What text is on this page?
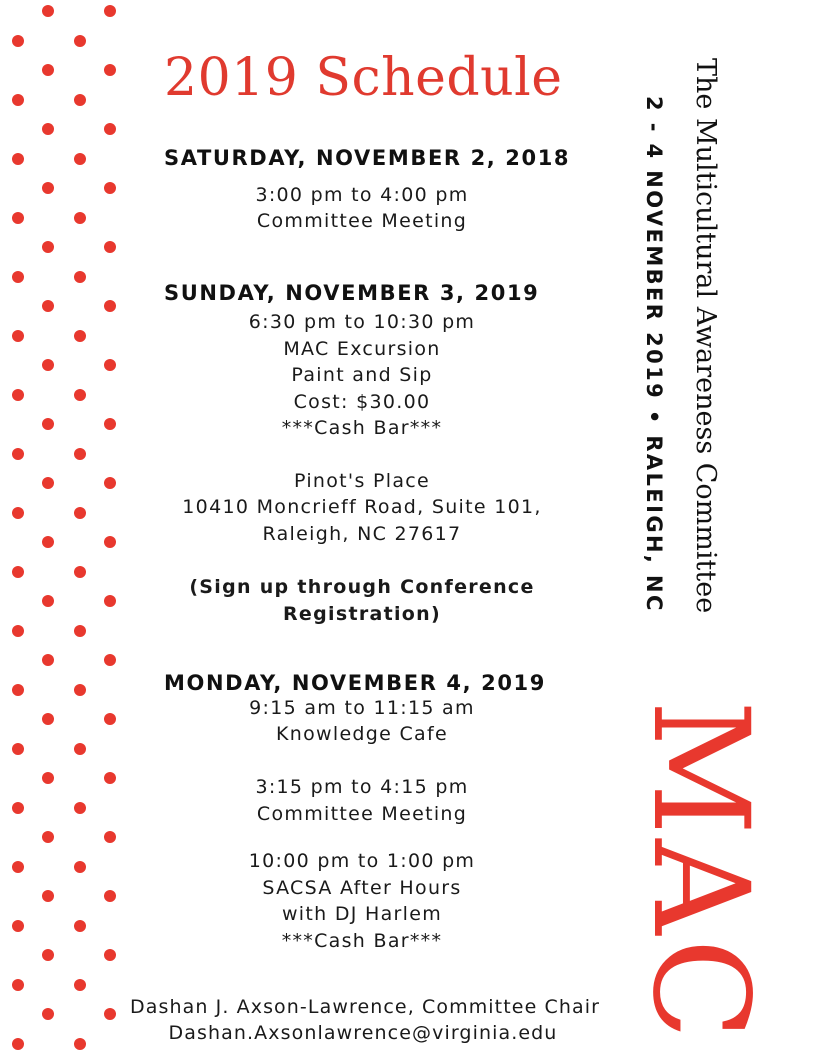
2019 Schedule
SATURDAY, NOVEMBER 2, 2018
3:00 pm to 4:00 pm
Committee Meeting
SUNDAY, NOVEMBER 3, 2019
6:30 pm to 10:30 pm
MAC Excursion
Paint and Sip
Cost: $30.00
***Cash Bar***
Pinot's Place
10410 Moncrieff Road, Suite 101,
Raleigh, NC 27617
(Sign up through Conference
Registration)
MONDAY, NOVEMBER 4, 2019
9:15 am to 11:15 am
Knowledge Cafe
3:15 pm to 4:15 pm
Committee Meeting
10:00 pm to 1:00 pm
SACSA After Hours
with DJ Harlem
***Cash Bar***
The Multicultural Awareness Committee
2 - 4 NOVEMBER 2019 • RALEIGH, NC
MAC
Dashan J. Axson-Lawrence, Committee Chair
Dashan.Axsonlawrence@virginia.edu
